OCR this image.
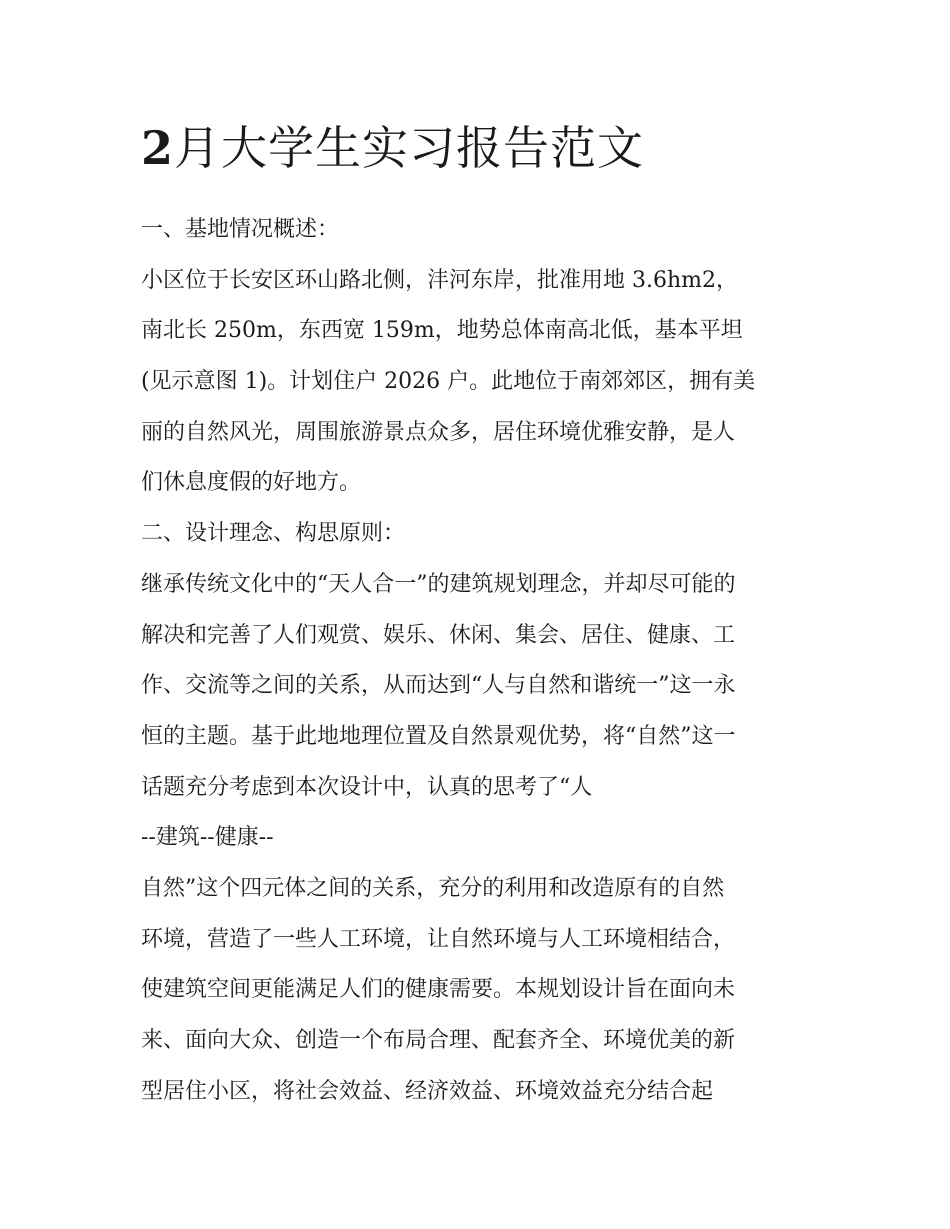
2月大学生实习报告范文
一、基地情况概述：
小区位于长安区环山路北侧，沣河东岸，批准用地 3.6hm2，
南北长 250m，东西宽 159m，地势总体南高北低，基本平坦
(见示意图 1)。计划住户 2026 户。此地位于南郊郊区，拥有美
丽的自然风光，周围旅游景点众多，居住环境优雅安静，是人
们休息度假的好地方。
二、设计理念、构思原则：
继承传统文化中的“天人合一”的建筑规划理念，并却尽可能的
解决和完善了人们观赏、娱乐、休闲、集会、居住、健康、工
作、交流等之间的关系，从而达到“人与自然和谐统一”这一永
恒的主题。基于此地地理位置及自然景观优势，将“自然”这一
话题充分考虑到本次设计中，认真的思考了“人
--建筑--健康--
自然”这个四元体之间的关系，充分的利用和改造原有的自然
环境，营造了一些人工环境，让自然环境与人工环境相结合，
使建筑空间更能满足人们的健康需要。本规划设计旨在面向未
来、面向大众、创造一个布局合理、配套齐全、环境优美的新
型居住小区，将社会效益、经济效益、环境效益充分结合起
